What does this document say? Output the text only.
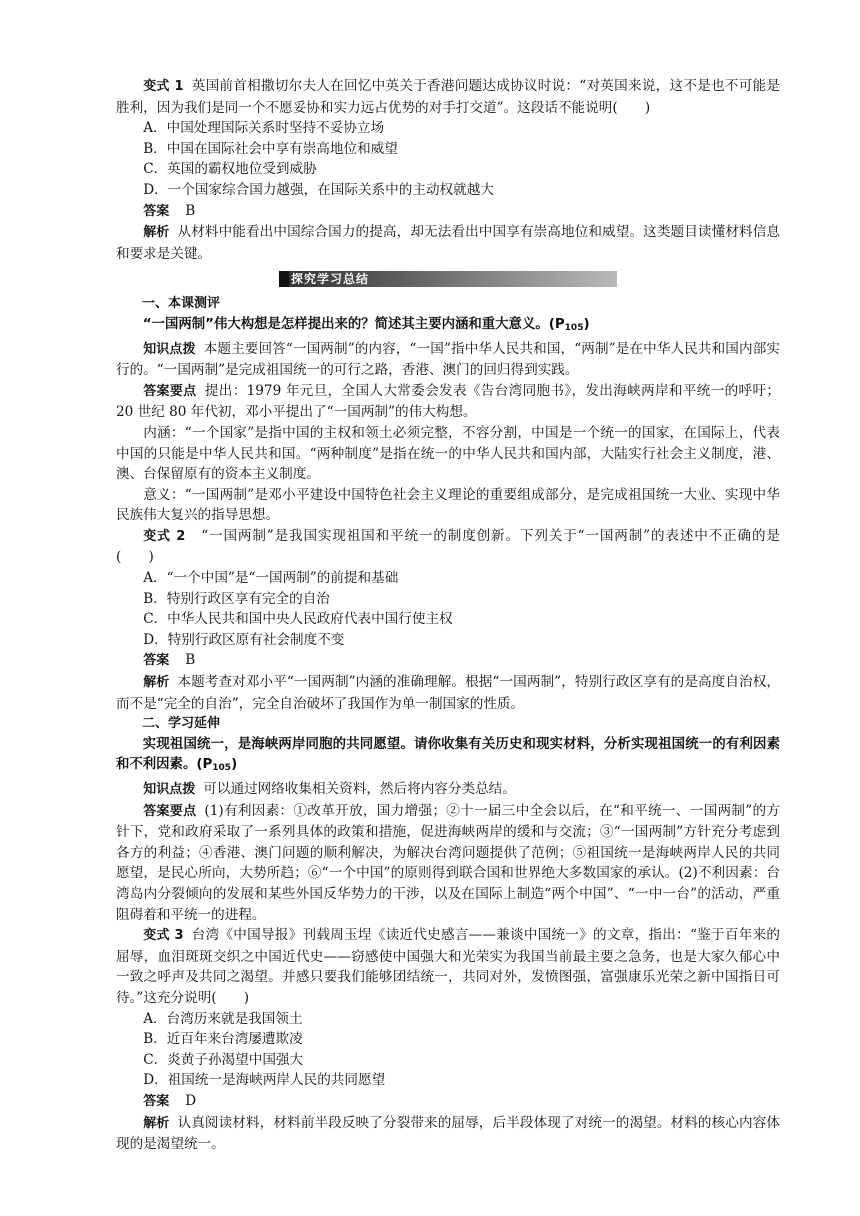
变式 1 英国前首相撒切尔夫人在回忆中英关于香港问题达成协议时说：“对英国来说，这不是也不可能是胜利，因为我们是同一个不愿妥协和实力远占优势的对手打交道”。这段话不能说明(　　)

A．中国处理国际关系时坚持不妥协立场

B．中国在国际社会中享有崇高地位和威望

C．英国的霸权地位受到威胁

D．一个国家综合国力越强，在国际关系中的主动权就越大

答案 B

解析 从材料中能看出中国综合国力的提高，却无法看出中国享有崇高地位和威望。这类题目读懂材料信息和要求是关键。

探究学习总结

一、本课测评

“一国两制”伟大构想是怎样提出来的？简述其主要内涵和重大意义。$(P_{105})$

知识点拨 本题主要回答“一国两制”的内容，“一国”指中华人民共和国，“两制”是在中华人民共和国内部实行的。“一国两制”是完成祖国统一的可行之路，香港、澳门的回归得到实践。

答案要点 提出：1979 年元旦，全国人大常委会发表《告台湾同胞书》，发出海峡两岸和平统一的呼吁；20 世纪 80 年代初，邓小平提出了“一国两制”的伟大构想。

内涵：“一个国家”是指中国的主权和领土必须完整，不容分割，中国是一个统一的国家，在国际上，代表中国的只能是中华人民共和国。“两种制度”是指在统一的中华人民共和国内部，大陆实行社会主义制度，港、澳、台保留原有的资本主义制度。

意义：“一国两制”是邓小平建设中国特色社会主义理论的重要组成部分，是完成祖国统一大业、实现中华民族伟大复兴的指导思想。

变式 2 “一国两制”是我国实现祖国和平统一的制度创新。下列关于“一国两制”的表述中不正确的是(　　)

A．“一个中国”是“一国两制”的前提和基础

B．特别行政区享有完全的自治

C．中华人民共和国中央人民政府代表中国行使主权

D．特别行政区原有社会制度不变

答案 B

解析 本题考查对邓小平“一国两制”内涵的准确理解。根据“一国两制”，特别行政区享有的是高度自治权，而不是“完全的自治”，完全自治破坏了我国作为单一制国家的性质。

二、学习延伸

实现祖国统一，是海峡两岸同胞的共同愿望。请你收集有关历史和现实材料，分析实现祖国统一的有利因素和不利因素。$(P_{105})$

知识点拨 可以通过网络收集相关资料，然后将内容分类总结。

答案要点 (1)有利因素：①改革开放，国力增强；②十一届三中全会以后，在“和平统一、一国两制”的方针下，党和政府采取了一系列具体的政策和措施，促进海峡两岸的缓和与交流；③“一国两制”方针充分考虑到各方的利益；④香港、澳门问题的顺利解决，为解决台湾问题提供了范例；⑤祖国统一是海峡两岸人民的共同愿望，是民心所向，大势所趋；⑥“一个中国”的原则得到联合国和世界绝大多数国家的承认。(2)不利因素：台湾岛内分裂倾向的发展和某些外国反华势力的干涉，以及在国际上制造“两个中国”、“一中一台”的活动，严重阻碍着和平统一的进程。

变式 3 台湾《中国导报》刊载周玉埕《读近代史感言——兼谈中国统一》的文章，指出：“鉴于百年来的屈辱，血泪斑斑交织之中国近代史——窃感使中国强大和光荣实为我国当前最主要之急务，也是大家久郁心中一致之呼声及共同之渴望。并感只要我们能够团结统一，共同对外，发愤图强，富强康乐光荣之新中国指日可待。”这充分说明(　　)

A．台湾历来就是我国领土

B．近百年来台湾屡遭欺凌

C．炎黄子孙渴望中国强大

D．祖国统一是海峡两岸人民的共同愿望

答案 D

解析 认真阅读材料，材料前半段反映了分裂带来的屈辱，后半段体现了对统一的渴望。材料的核心内容体现的是渴望统一。
